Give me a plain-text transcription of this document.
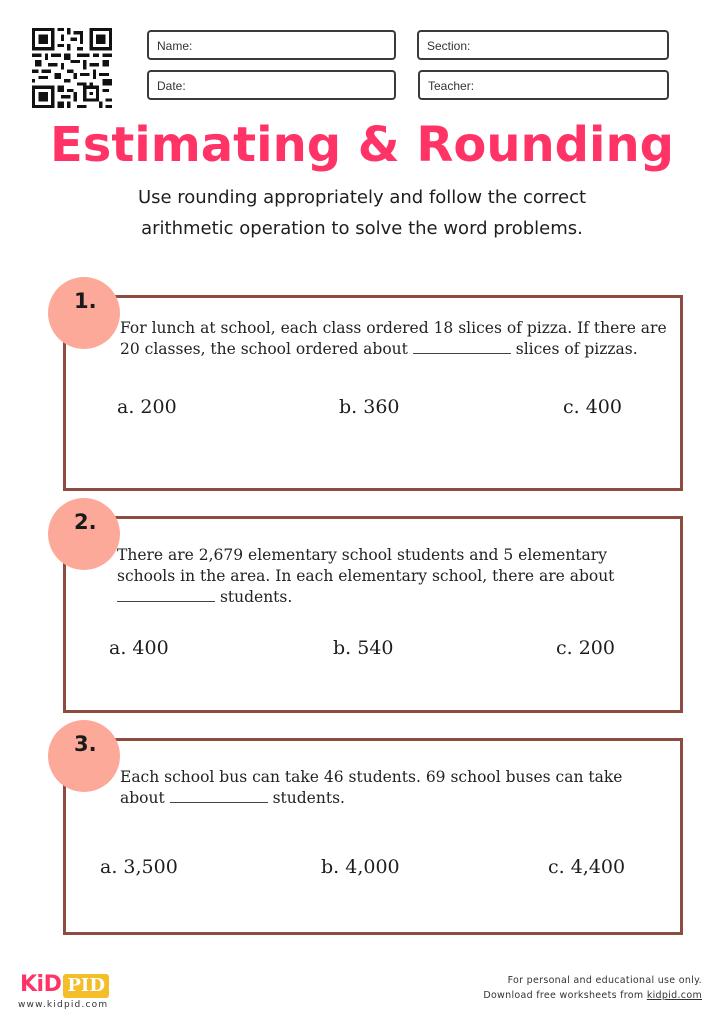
Name:	Section:
Date:	Teacher:
Estimating & Rounding
Use rounding appropriately and follow the correct
arithmetic operation to solve the word problems.
For lunch at school, each class ordered 18 slices of pizza. If there are
20 classes, the school ordered about	slices of pizzas.
a. 200	b. 360	c. 400
1.
There are 2,679 elementary school students and 5 elementary
schools in the area. In each elementary school, there are about
students.
a. 400	b. 540	c. 200
2.
Each school bus can take 46 students. 69 school buses can take
about	students.
a. 3,500	b. 4,000	c. 4,400
3.
KiD PID
www.kidpid.com
For personal and educational use only.
Download free worksheets from kidpid.com
